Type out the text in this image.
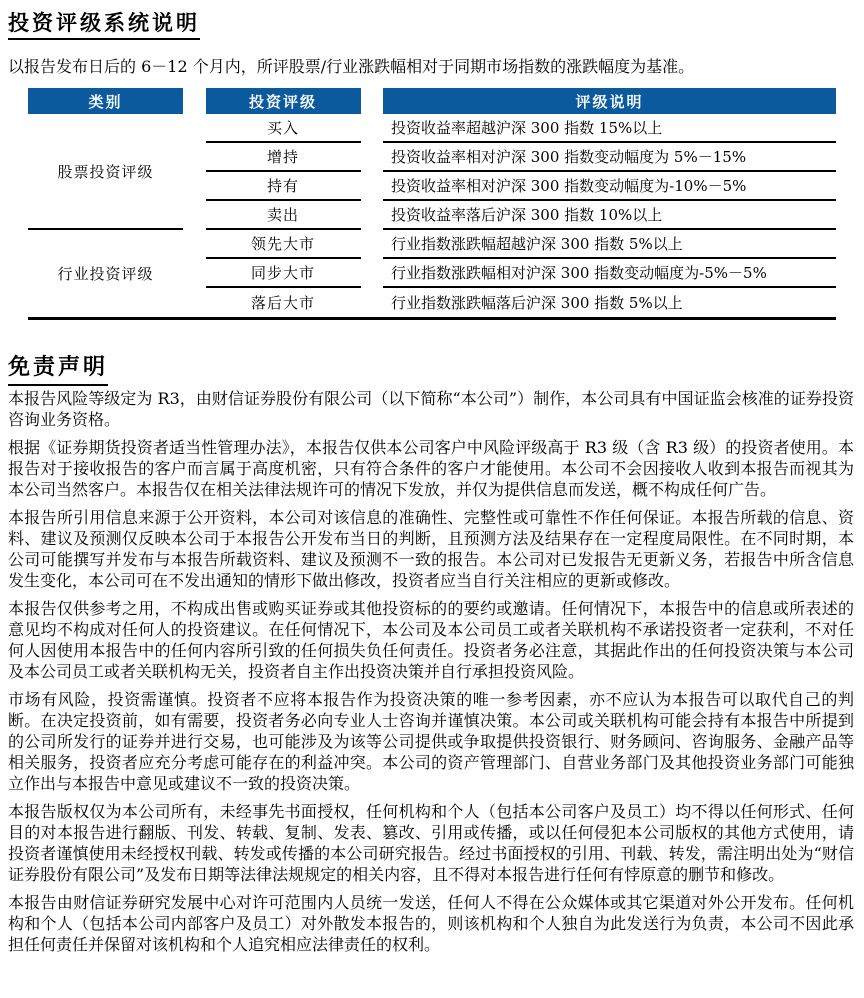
投资评级系统说明

以报告发布日后的 6－12 个月内，所评股票/行业涨跌幅相对于同期市场指数的涨跌幅度为基准。

类别	投资评级	评级说明
股票投资评级
买入	投资收益率超越沪深 300 指数 15%以上
增持	投资收益率相对沪深 300 指数变动幅度为 5%－15%
持有	投资收益率相对沪深 300 指数变动幅度为-10%－5%
卖出	投资收益率落后沪深 300 指数 10%以上
行业投资评级
领先大市	行业指数涨跌幅超越沪深 300 指数 5%以上
同步大市	行业指数涨跌幅相对沪深 300 指数变动幅度为-5%－5%
落后大市	行业指数涨跌幅落后沪深 300 指数 5%以上
免责声明

本报告风险等级定为 R3，由财信证券股份有限公司（以下简称“本公司”）制作，本公司具有中国证监会核准的证券投资咨询业务资格。

根据《证券期货投资者适当性管理办法》，本报告仅供本公司客户中风险评级高于 R3 级（含 R3 级）的投资者使用。本报告对于接收报告的客户而言属于高度机密，只有符合条件的客户才能使用。本公司不会因接收人收到本报告而视其为本公司当然客户。本报告仅在相关法律法规许可的情况下发放，并仅为提供信息而发送，概不构成任何广告。

本报告所引用信息来源于公开资料，本公司对该信息的准确性、完整性或可靠性不作任何保证。本报告所载的信息、资料、建议及预测仅反映本公司于本报告公开发布当日的判断，且预测方法及结果存在一定程度局限性。在不同时期，本公司可能撰写并发布与本报告所载资料、建议及预测不一致的报告。本公司对已发报告无更新义务，若报告中所含信息发生变化，本公司可在不发出通知的情形下做出修改，投资者应当自行关注相应的更新或修改。

本报告仅供参考之用，不构成出售或购买证券或其他投资标的的要约或邀请。任何情况下，本报告中的信息或所表述的意见均不构成对任何人的投资建议。在任何情况下，本公司及本公司员工或者关联机构不承诺投资者一定获利，不对任何人因使用本报告中的任何内容所引致的任何损失负任何责任。投资者务必注意，其据此作出的任何投资决策与本公司及本公司员工或者关联机构无关，投资者自主作出投资决策并自行承担投资风险。

市场有风险，投资需谨慎。投资者不应将本报告作为投资决策的唯一参考因素，亦不应认为本报告可以取代自己的判断。在决定投资前，如有需要，投资者务必向专业人士咨询并谨慎决策。本公司或关联机构可能会持有本报告中所提到的公司所发行的证券并进行交易，也可能涉及为该等公司提供或争取提供投资银行、财务顾问、咨询服务、金融产品等相关服务，投资者应充分考虑可能存在的利益冲突。本公司的资产管理部门、自营业务部门及其他投资业务部门可能独立作出与本报告中意见或建议不一致的投资决策。

本报告版权仅为本公司所有，未经事先书面授权，任何机构和个人（包括本公司客户及员工）均不得以任何形式、任何目的对本报告进行翻版、刊发、转载、复制、发表、篡改、引用或传播，或以任何侵犯本公司版权的其他方式使用，请投资者谨慎使用未经授权刊载、转发或传播的本公司研究报告。经过书面授权的引用、刊载、转发，需注明出处为“财信证券股份有限公司”及发布日期等法律法规规定的相关内容，且不得对本报告进行任何有悖原意的删节和修改。

本报告由财信证券研究发展中心对许可范围内人员统一发送，任何人不得在公众媒体或其它渠道对外公开发布。任何机构和个人（包括本公司内部客户及员工）对外散发本报告的，则该机构和个人独自为此发送行为负责，本公司不因此承担任何责任并保留对该机构和个人追究相应法律责任的权利。
